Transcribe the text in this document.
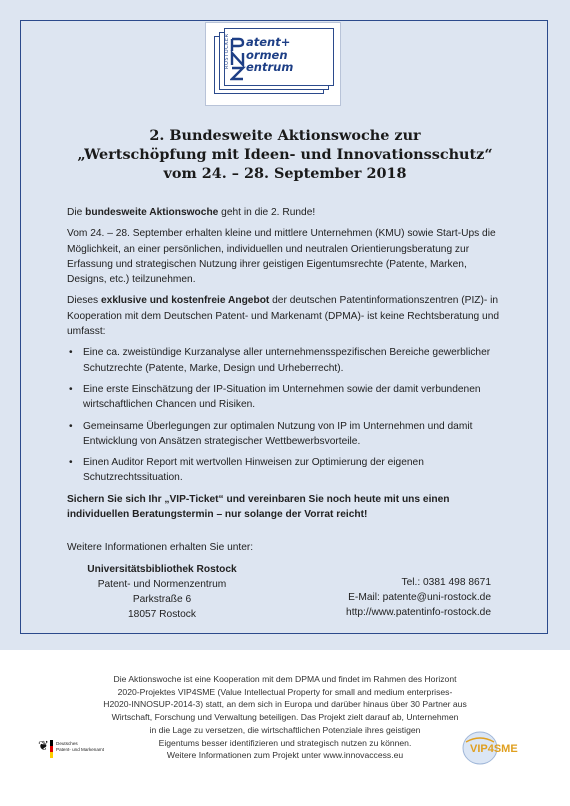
ROSTOCKER atent+
ormen
entrum
2. Bundesweite Aktionswoche zur
„Wertschöpfung mit Ideen- und Innovationsschutz“
vom 24. – 28. September 2018

Die bundesweite Aktionswoche geht in die 2. Runde!

Vom 24. – 28. September erhalten kleine und mittlere Unternehmen (KMU) sowie Start-Ups die Möglichkeit, an einer persönlichen, individuellen und neutralen Orientierungsberatung zur Erfassung und strategischen Nutzung ihrer geistigen Eigentumsrechte (Patente, Marken, Designs, etc.) teilzunehmen.

Dieses exklusive und kostenfreie Angebot der deutschen Patentinformationszentren (PIZ)- in Kooperation mit dem Deutschen Patent- und Markenamt (DPMA)- ist keine Rechtsberatung und umfasst:

• Eine ca. zweistündige Kurzanalyse aller unternehmensspezifischen Bereiche gewerblicher Schutzrechte (Patente, Marke, Design und Urheberrecht).
• Eine erste Einschätzung der IP-Situation im Unternehmen sowie der damit verbundenen wirtschaftlichen Chancen und Risiken.
• Gemeinsame Überlegungen zur optimalen Nutzung von IP im Unternehmen und damit Entwicklung von Ansätzen strategischer Wettbewerbsvorteile.
• Einen Auditor Report mit wertvollen Hinweisen zur Optimierung der eigenen Schutzrechtssituation.

Sichern Sie sich Ihr „VIP-Ticket“ und vereinbaren Sie noch heute mit uns einen individuellen Beratungstermin – nur solange der Vorrat reicht!

Weitere Informationen erhalten Sie unter:
Universitätsbibliothek Rostock
Patent- und Normenzentrum
Parkstraße 6
18057 Rostock
Tel.: 0381 498 8671
E-Mail: patente@uni-rostock.de
http://www.patentinfo-rostock.de
Die Aktionswoche ist eine Kooperation mit dem DPMA und findet im Rahmen des Horizont
2020-Projektes VIP4SME (Value Intellectual Property for small and medium enterprises-
H2020-INNOSUP-2014-3) statt, an dem sich in Europa und darüber hinaus über 30 Partner aus
Wirtschaft, Forschung und Verwaltung beteiligen. Das Projekt zielt darauf ab, Unternehmen
in die Lage zu versetzen, die wirtschaftlichen Potenziale ihres geistigen
Eigentums besser identifizieren und strategisch nutzen zu können.
Weitere Informationen zum Projekt unter www.innovaccess.eu
❦ Deutsches
Patent- und Markenamt	VIP4SME
